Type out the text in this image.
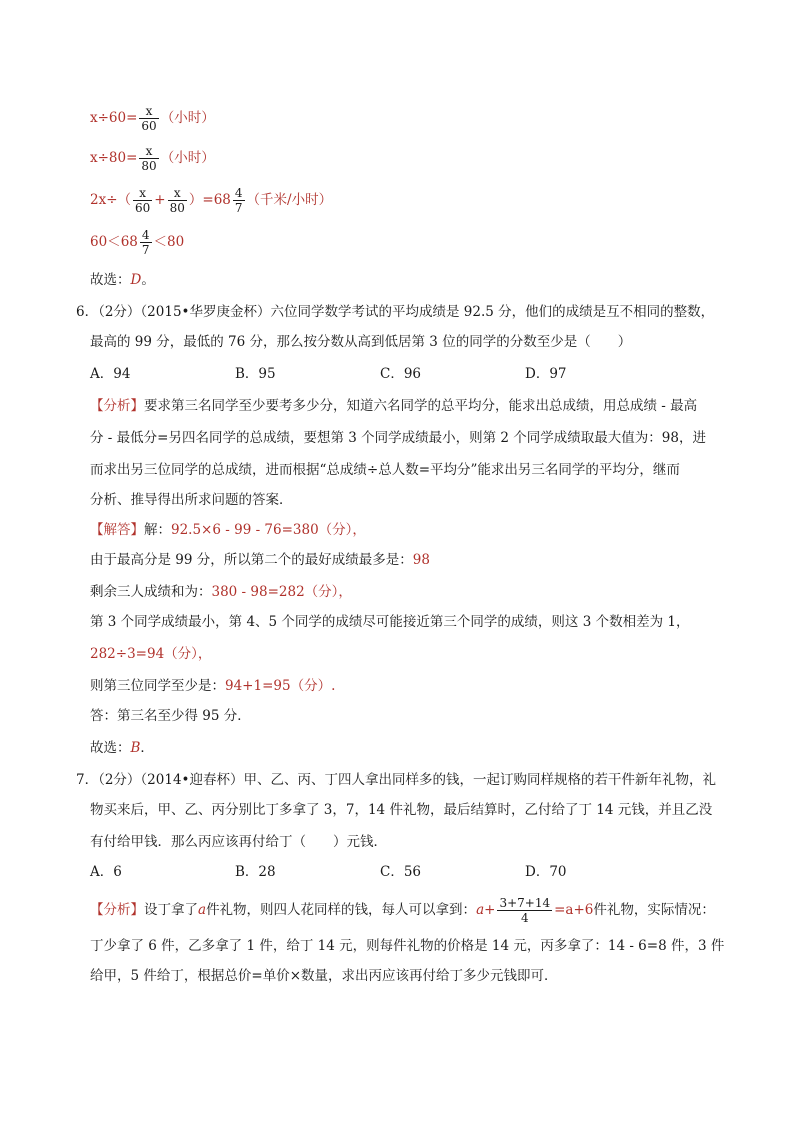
$x\div 60= \frac{x}{60}$ （小时）
$x\div 80= \frac{x}{80}$ （小时）
$2x\div( \frac{x}{60} + \frac{x}{80} )=68 \frac{4}{7}$ （千米/小时）
$60<68 \frac{4}{7} <80$
故选：D。
6．（2分）（2015•华罗庚金杯）六位同学数学考试的平均成绩是 92.5 分，他们的成绩是互不相同的整数，
最高的 99 分，最低的 76 分，那么按分数从高到低居第 3 位的同学的分数至少是（　　）
A．94	B．95	C．96	D．97
【分析】要求第三名同学至少要考多少分，知道六名同学的总平均分，能求出总成绩，用总成绩 - 最高
分 - 最低分=另四名同学的总成绩，要想第 3 个同学成绩最小，则第 2 个同学成绩取最大值为：98，进
而求出另三位同学的总成绩，进而根据“总成绩÷总人数=平均分”能求出另三名同学的平均分，继而
分析、推导得出所求问题的答案．
【解答】解：92.5×6 - 99 - 76=380（分），
由于最高分是 99 分，所以第二个的最好成绩最多是：98
剩余三人成绩和为：380 - 98=282（分），
第 3 个同学成绩最小，第 4、5 个同学的成绩尽可能接近第三个同学的成绩，则这 3 个数相差为 1，
282÷3=94（分），
则第三位同学至少是：94+1=95（分）.
答：第三名至少得 95 分．
故选：B．
7．（2分）（2014•迎春杯）甲、乙、丙、丁四人拿出同样多的钱，一起订购同样规格的若干件新年礼物，礼
物买来后，甲、乙、丙分别比丁多拿了 3，7，14 件礼物，最后结算时，乙付给了丁 14 元钱，并且乙没
有付给甲钱．那么丙应该再付给丁（　　）元钱．
A．6	B．28	C．56	D．70
【分析】设丁拿了a件礼物，则四人花同样的钱，每人可以拿到：$a+ \frac{3+7+14}{4} =a+6$件礼物，实际情况：
丁少拿了 6 件，乙多拿了 1 件，给丁 14 元，则每件礼物的价格是 14 元，丙多拿了：14 - 6=8 件，3 件
给甲，5 件给丁，根据总价=单价×数量，求出丙应该再付给丁多少元钱即可．
